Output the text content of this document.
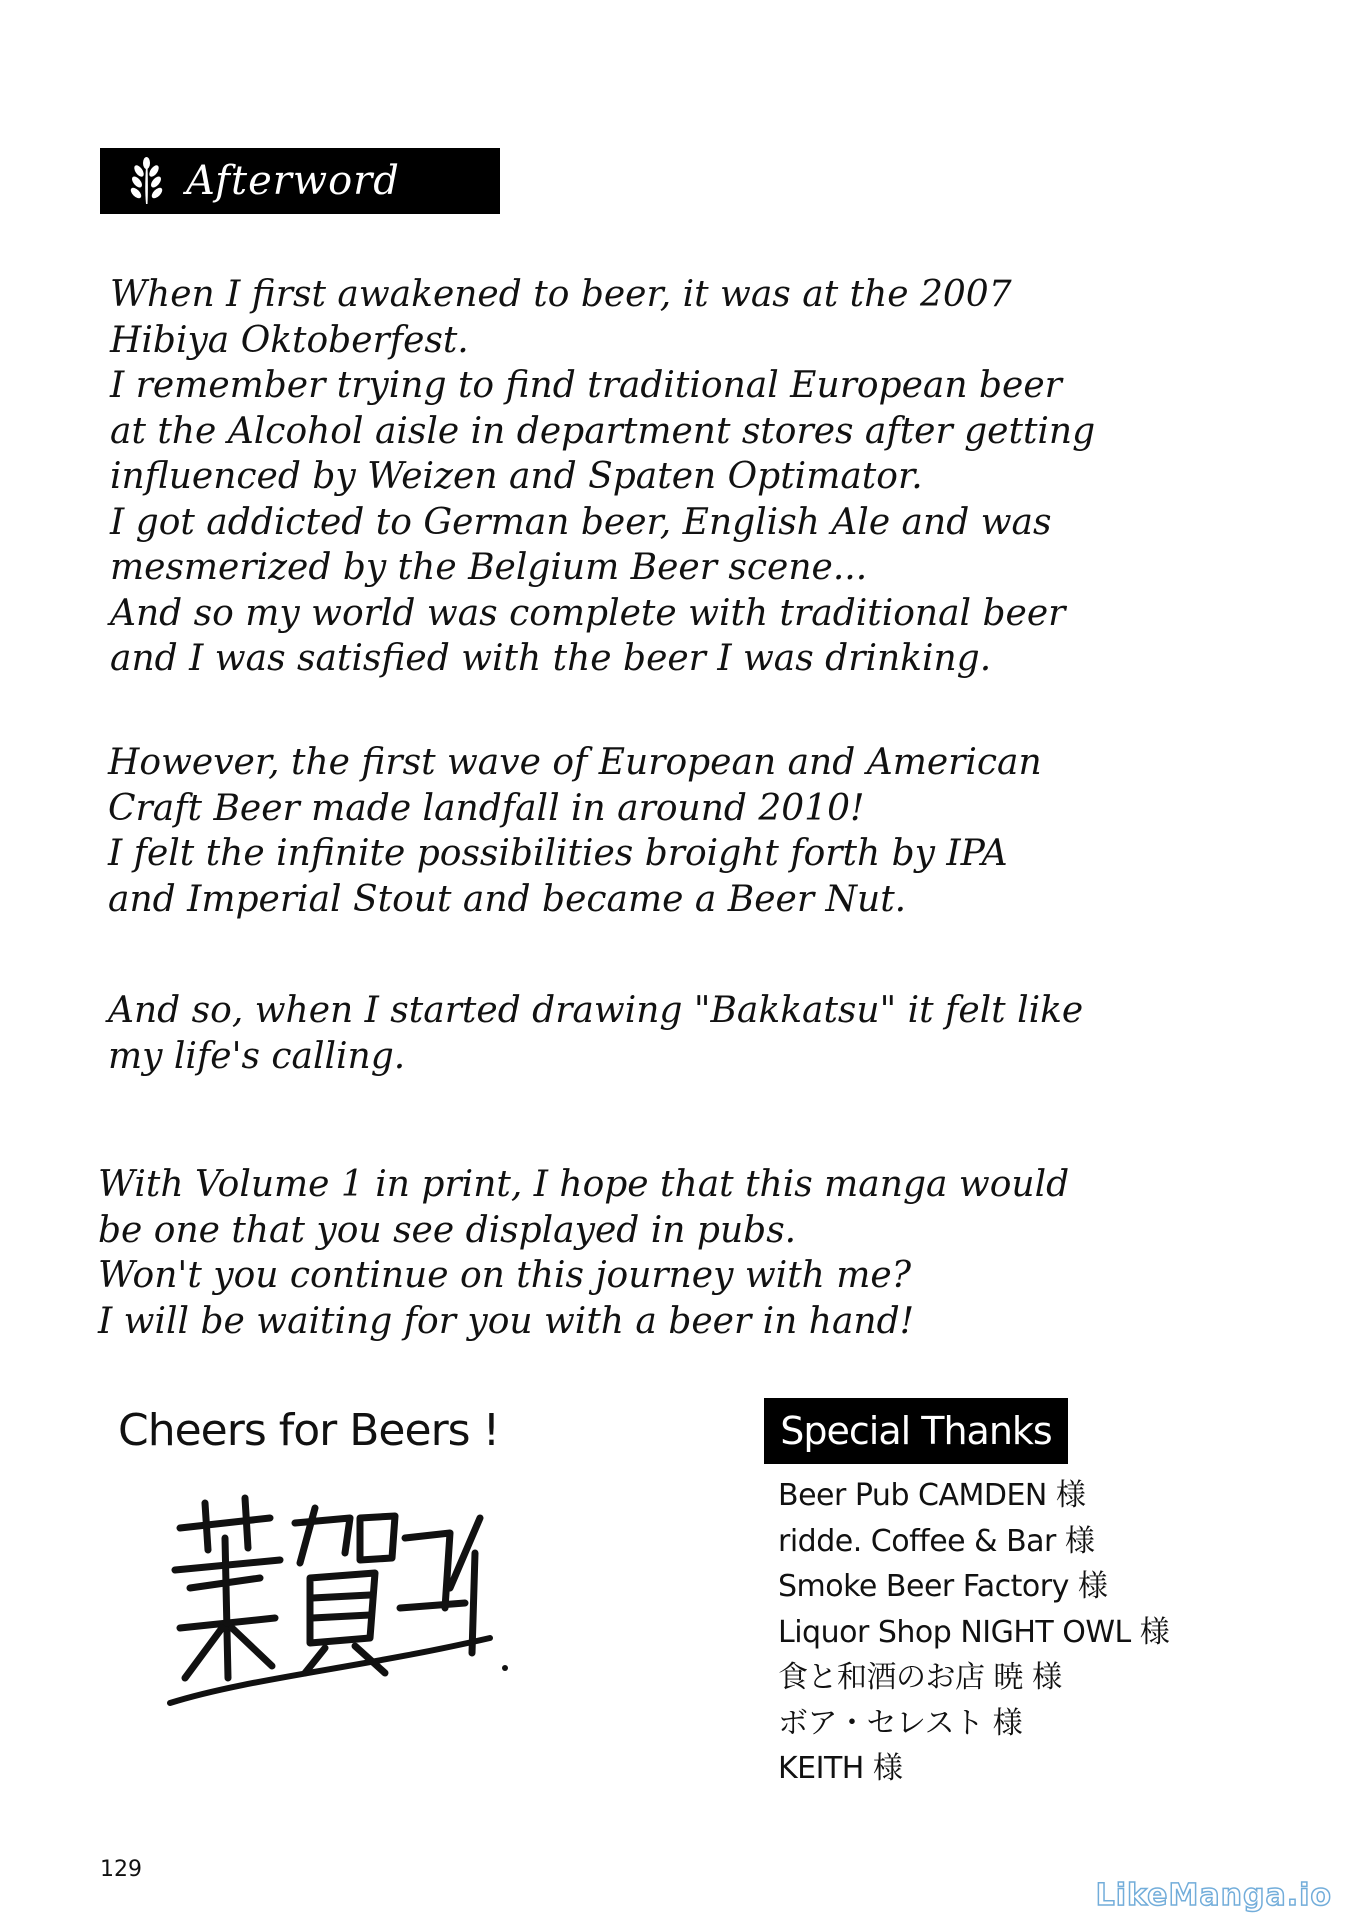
Afterword
When I first awakened to beer, it was at the 2007
Hibiya Oktoberfest.
I remember trying to find traditional European beer
at the Alcohol aisle in department stores after getting
influenced by Weizen and Spaten Optimator.
I got addicted to German beer, English Ale and was
mesmerized by the Belgium Beer scene...
And so my world was complete with traditional beer
and I was satisfied with the beer I was drinking.
However, the first wave of European and American
Craft Beer made landfall in around 2010!
I felt the infinite possibilities broight forth by IPA
and Imperial Stout and became a Beer Nut.
And so, when I started drawing "Bakkatsu" it felt like
my life's calling.
With Volume 1 in print, I hope that this manga would
be one that you see displayed in pubs.
Won't you continue on this journey with me?
I will be waiting for you with a beer in hand!
Cheers for Beers !	Special Thanks
Beer Pub CAMDEN 様
ridde. Coffee & Bar 様
Smoke Beer Factory 様
Liquor Shop NIGHT OWL 様
食と和酒のお店 暁 様
ボア・セレスト 様
KEITH 様
129
LikeManga.io
